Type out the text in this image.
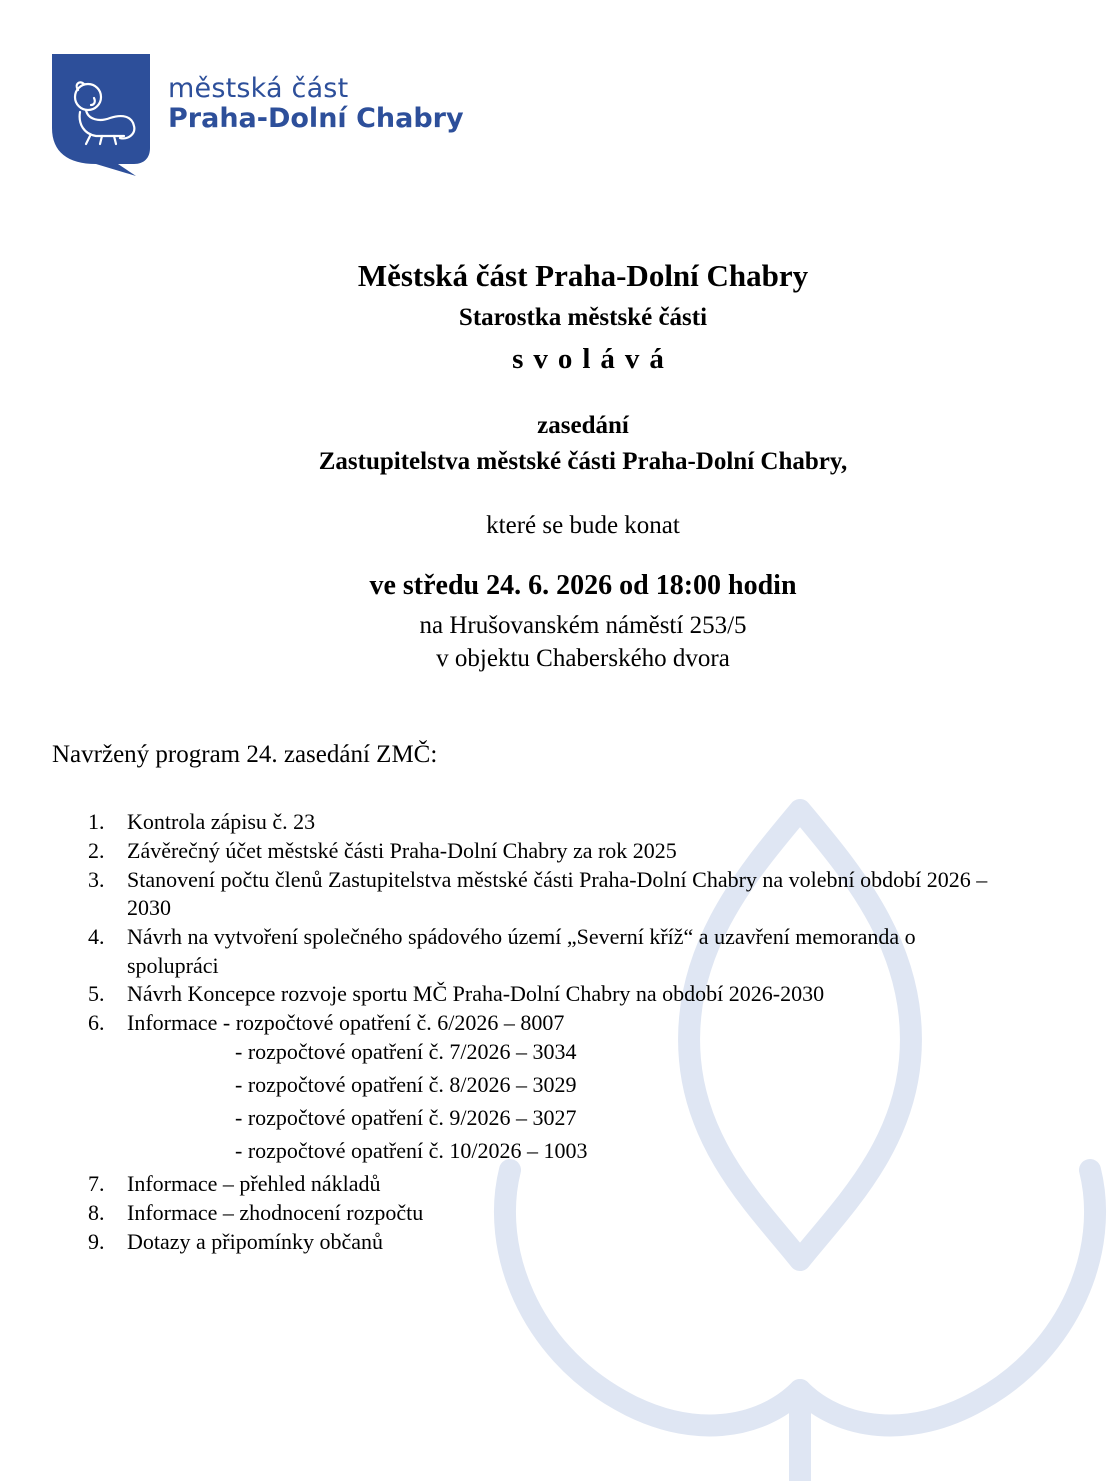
městská část
Praha-Dolní Chabry
Městská část Praha-Dolní Chabry
Starostka městské části
svolává
zasedání
Zastupitelstva městské části Praha-Dolní Chabry,
které se bude konat
ve středu 24. 6. 2026 od 18:00 hodin
na Hrušovanském náměstí 253/5
v objektu Chaberského dvora
Navržený program 24. zasedání ZMČ:
1.	Kontrola zápisu č. 23
2.	Závěrečný účet městské části Praha-Dolní Chabry za rok 2025
3.	Stanovení počtu členů Zastupitelstva městské části Praha-Dolní Chabry na volební období 2026 –
2030
4.	Návrh na vytvoření společného spádového území „Severní kříž“ a uzavření memoranda o
spolupráci
5.	Návrh Koncepce rozvoje sportu MČ Praha-Dolní Chabry na období 2026-2030
6.	Informace - rozpočtové opatření č. 6/2026 – 8007
- rozpočtové opatření č. 7/2026 – 3034
- rozpočtové opatření č. 8/2026 – 3029
- rozpočtové opatření č. 9/2026 – 3027
- rozpočtové opatření č. 10/2026 – 1003
7.	Informace – přehled nákladů
8.	Informace – zhodnocení rozpočtu
9.	Dotazy a připomínky občanů
